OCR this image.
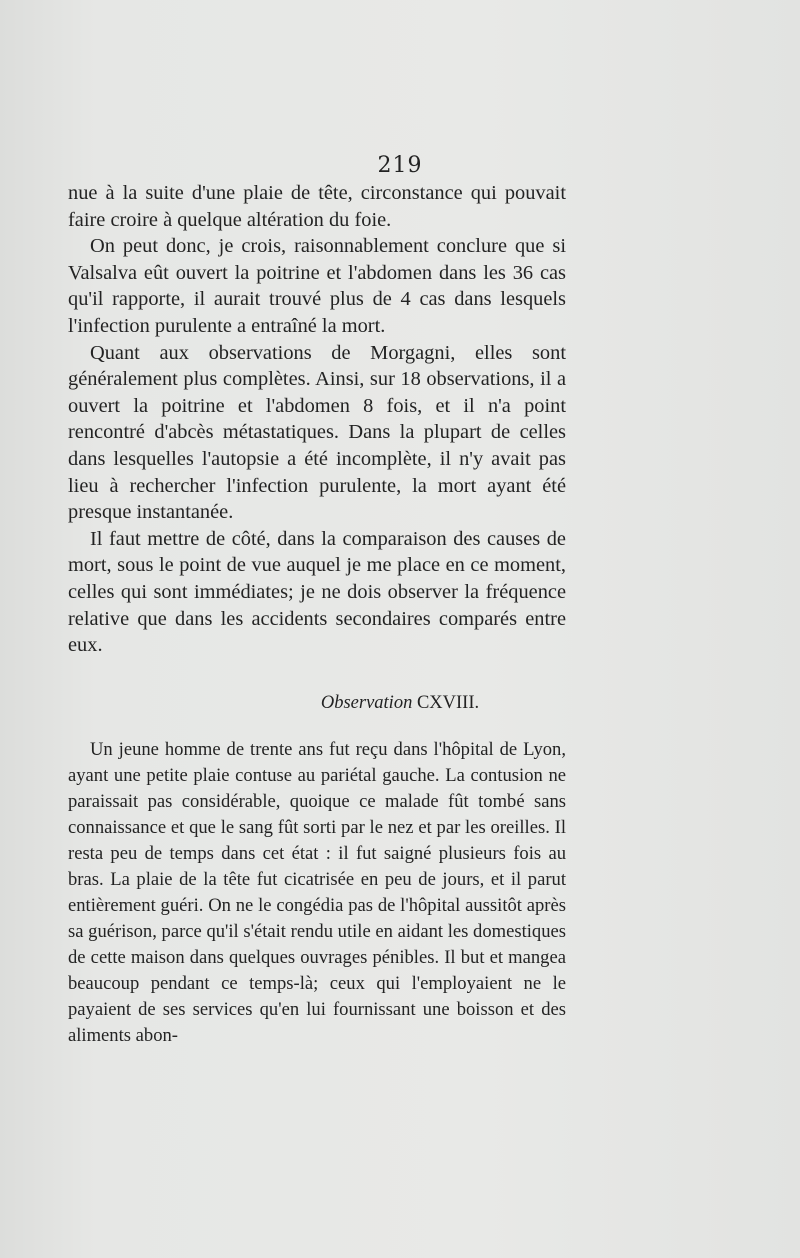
219

nue à la suite d'une plaie de tête, circonstance qui pouvait faire croire à quelque altération du foie.

On peut donc, je crois, raisonnablement conclure que si Valsalva eût ouvert la poitrine et l'abdomen dans les 36 cas qu'il rapporte, il aurait trouvé plus de 4 cas dans lesquels l'infection purulente a entraîné la mort.

Quant aux observations de Morgagni, elles sont généralement plus complètes. Ainsi, sur 18 observations, il a ouvert la poitrine et l'abdomen 8 fois, et il n'a point rencontré d'abcès métastatiques. Dans la plupart de celles dans lesquelles l'autopsie a été incomplète, il n'y avait pas lieu à rechercher l'infection purulente, la mort ayant été presque instantanée.

Il faut mettre de côté, dans la comparaison des causes de mort, sous le point de vue auquel je me place en ce moment, celles qui sont immédiates; je ne dois observer la fréquence relative que dans les accidents secondaires comparés entre eux.

Observation CXVIII.

Un jeune homme de trente ans fut reçu dans l'hôpital de Lyon, ayant une petite plaie contuse au pariétal gauche. La contusion ne paraissait pas considérable, quoique ce malade fût tombé sans connaissance et que le sang fût sorti par le nez et par les oreilles. Il resta peu de temps dans cet état : il fut saigné plusieurs fois au bras. La plaie de la tête fut cicatrisée en peu de jours, et il parut entièrement guéri. On ne le congédia pas de l'hôpital aussitôt après sa guérison, parce qu'il s'était rendu utile en aidant les domestiques de cette maison dans quelques ouvrages pénibles. Il but et mangea beaucoup pendant ce temps-là; ceux qui l'employaient ne le payaient de ses services qu'en lui fournissant une boisson et des aliments abon-
